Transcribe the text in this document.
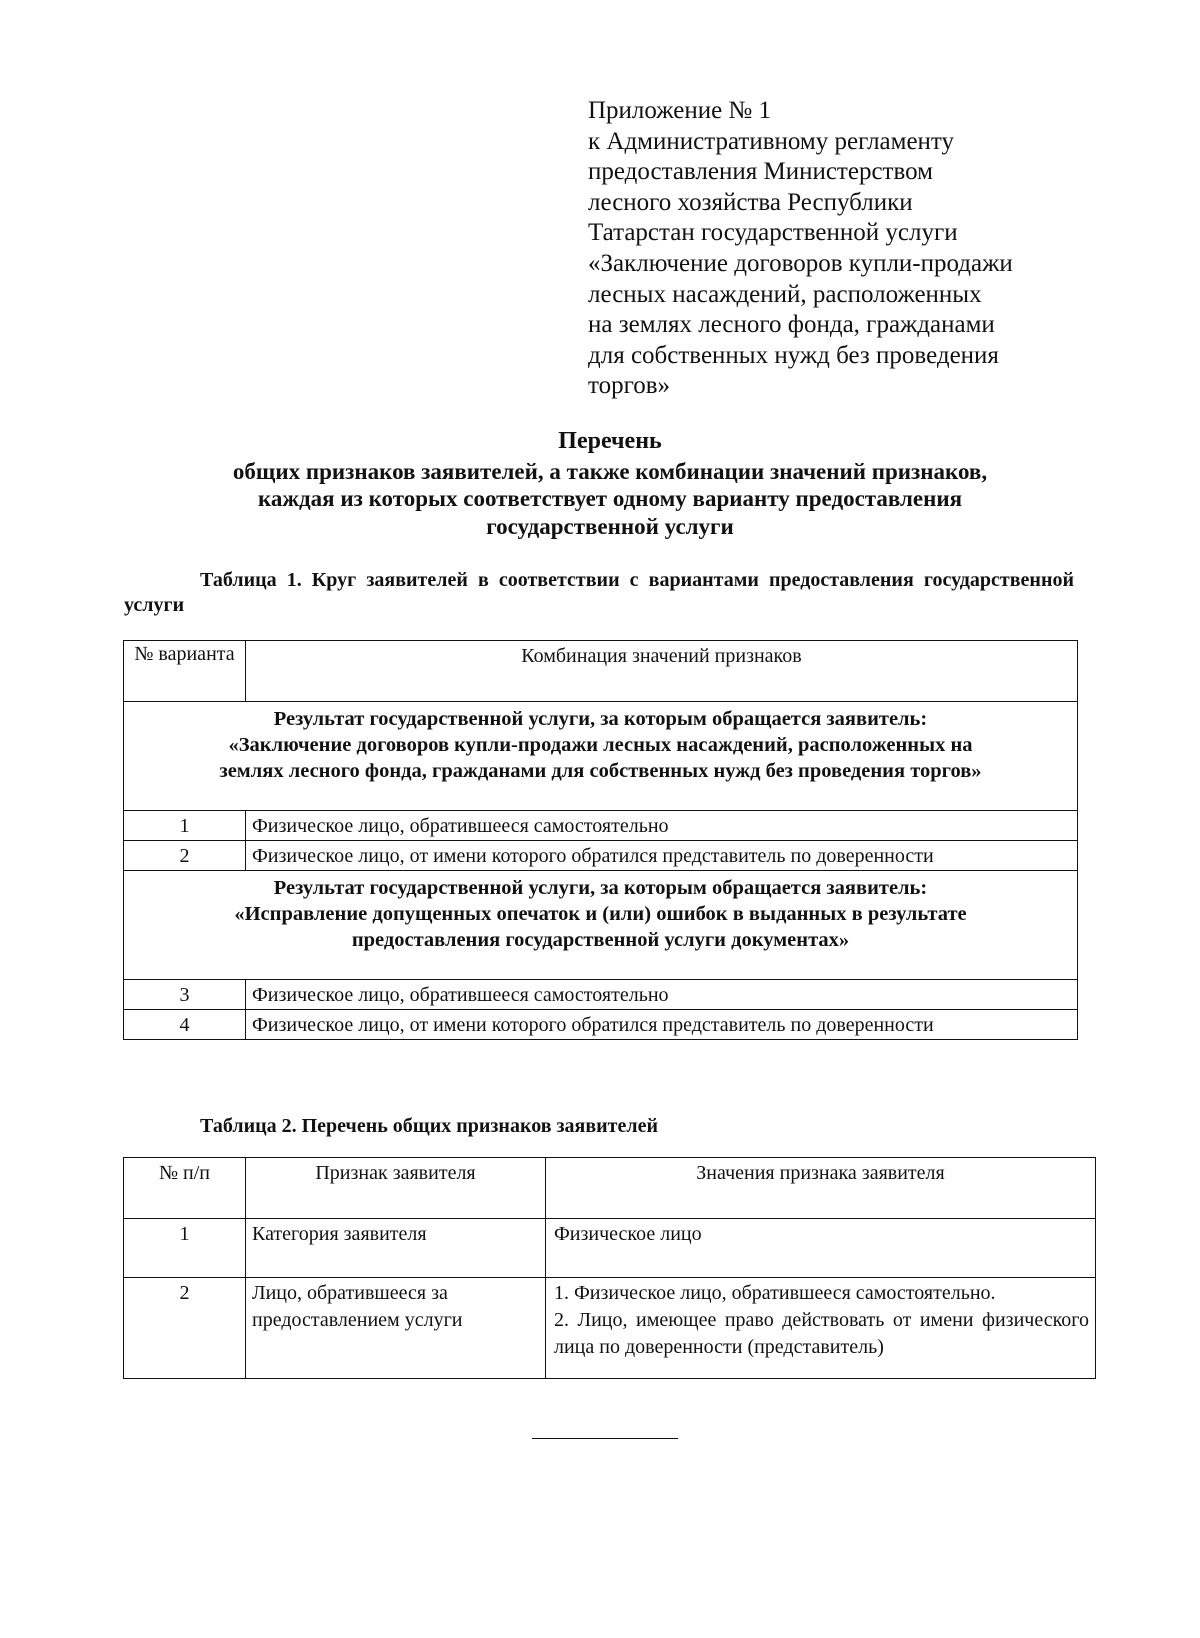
Приложение № 1
к Административному регламенту
предоставления Министерством
лесного хозяйства Республики
Татарстан государственной услуги
«Заключение договоров купли-продажи
лесных насаждений, расположенных
на землях лесного фонда, гражданами
для собственных нужд без проведения
торгов»
Перечень
общих признаков заявителей, а также комбинации значений признаков,
каждая из которых соответствует одному варианту предоставления
государственной услуги
Таблица 1. Круг заявителей в соответствии с вариантами предоставления государственной услуги
№ варианта	Комбинация значений признаков

Результат государственной услуги, за которым обращается заявитель:
«Заключение договоров купли-продажи лесных насаждений, расположенных на
землях лесного фонда, гражданами для собственных нужд без проведения торгов»	

1	Физическое лицо, обратившееся самостоятельно
2	Физическое лицо, от имени которого обратился представитель по доверенности

Результат государственной услуги, за которым обращается заявитель:
«Исправление допущенных опечаток и (или) ошибок в выданных в результате
предоставления государственной услуги документах»	

3	Физическое лицо, обратившееся самостоятельно
4	Физическое лицо, от имени которого обратился представитель по доверенности
Таблица 2. Перечень общих признаков заявителей
№ п/п	Признак заявителя	Значения признака заявителя
1	Категория заявителя	Физическое лицо
2	Лицо, обратившееся за предоставлением услуги	1. Физическое лицо, обратившееся самостоятельно.
2. Лицо, имеющее право действовать от имени физического лица по доверенности (представитель)
